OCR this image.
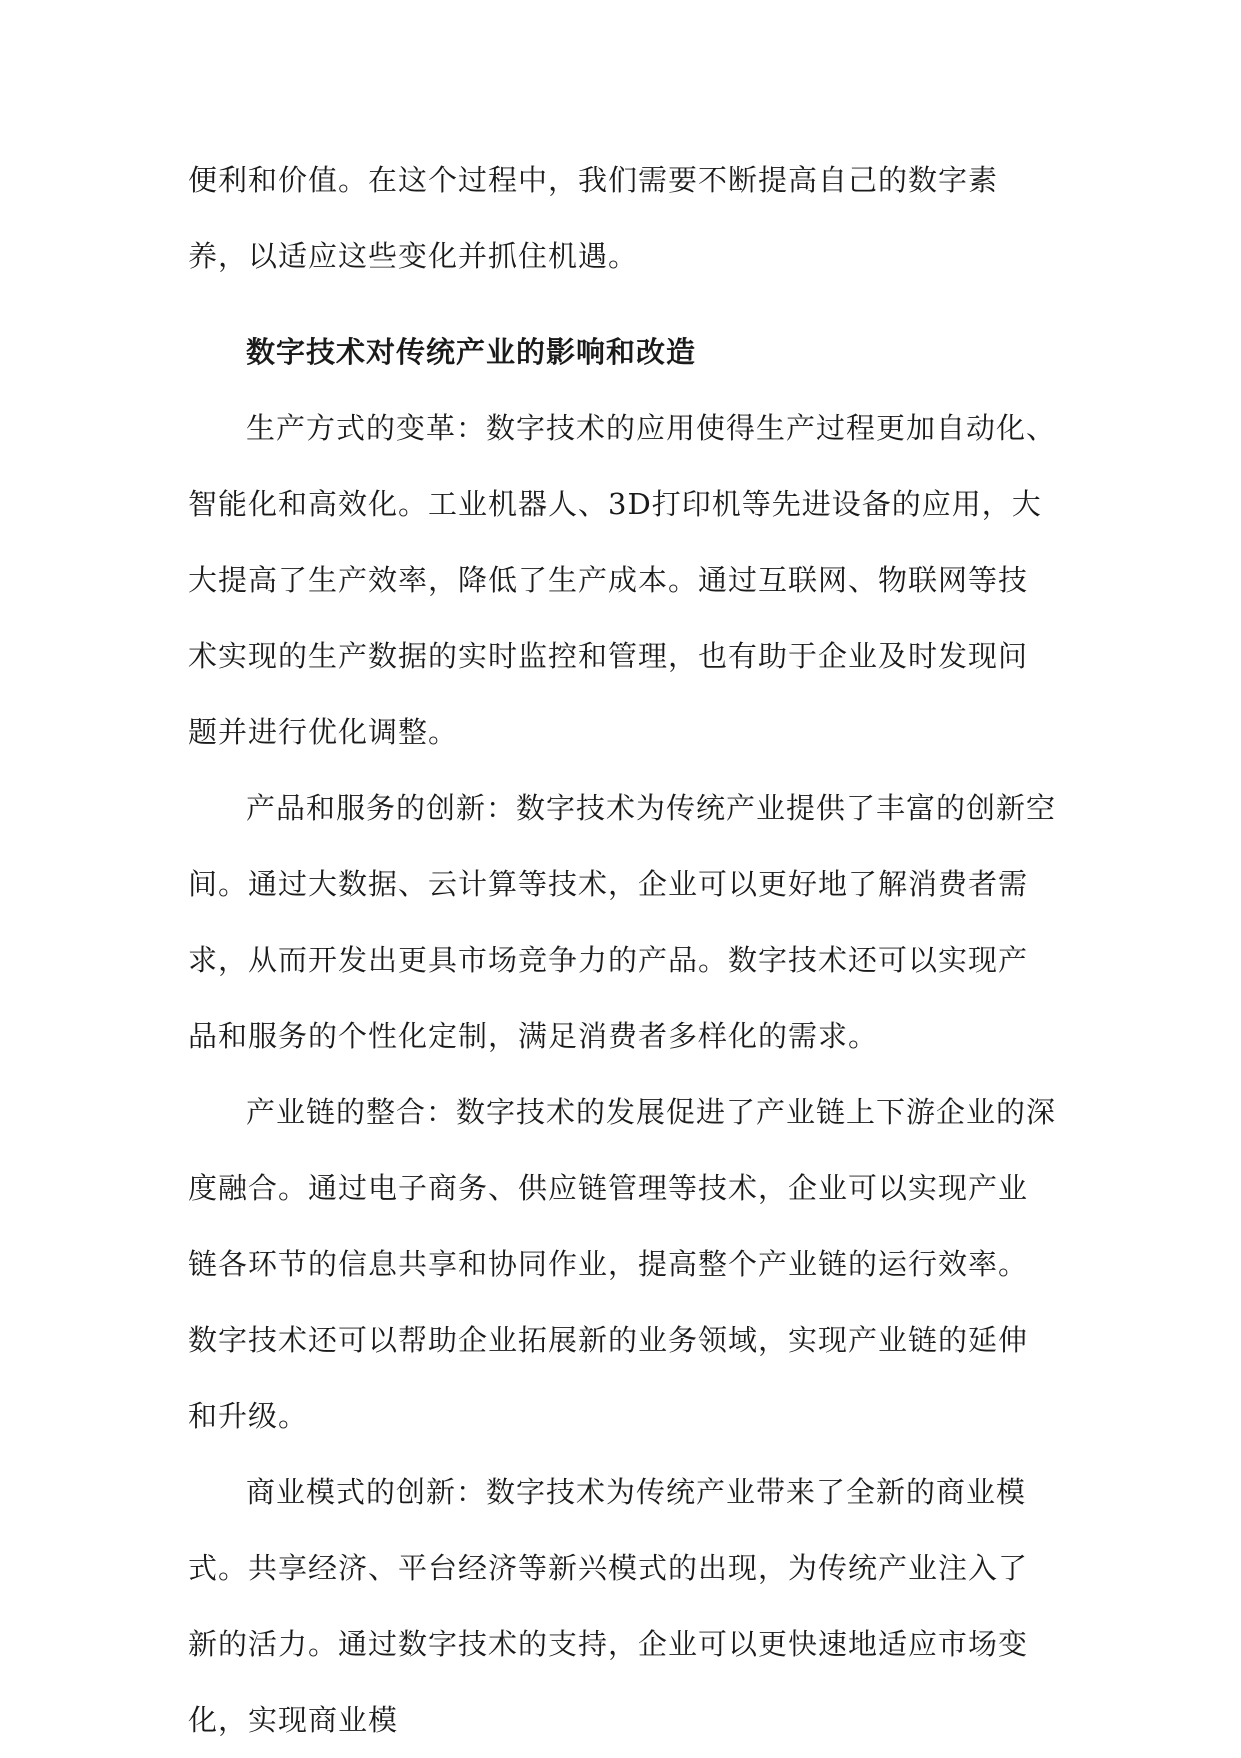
便利和价值。在这个过程中，我们需要不断提高自己的数字素养，以适应这些变化并抓住机遇。

数字技术对传统产业的影响和改造

生产方式的变革：数字技术的应用使得生产过程更加自动化、智能化和高效化。工业机器人、3D打印机等先进设备的应用，大大提高了生产效率，降低了生产成本。通过互联网、物联网等技术实现的生产数据的实时监控和管理，也有助于企业及时发现问题并进行优化调整。

产品和服务的创新：数字技术为传统产业提供了丰富的创新空间。通过大数据、云计算等技术，企业可以更好地了解消费者需求，从而开发出更具市场竞争力的产品。数字技术还可以实现产品和服务的个性化定制，满足消费者多样化的需求。

产业链的整合：数字技术的发展促进了产业链上下游企业的深度融合。通过电子商务、供应链管理等技术，企业可以实现产业链各环节的信息共享和协同作业，提高整个产业链的运行效率。数字技术还可以帮助企业拓展新的业务领域，实现产业链的延伸和升级。

商业模式的创新：数字技术为传统产业带来了全新的商业模式。共享经济、平台经济等新兴模式的出现，为传统产业注入了新的活力。通过数字技术的支持，企业可以更快速地适应市场变化，实现商业模
